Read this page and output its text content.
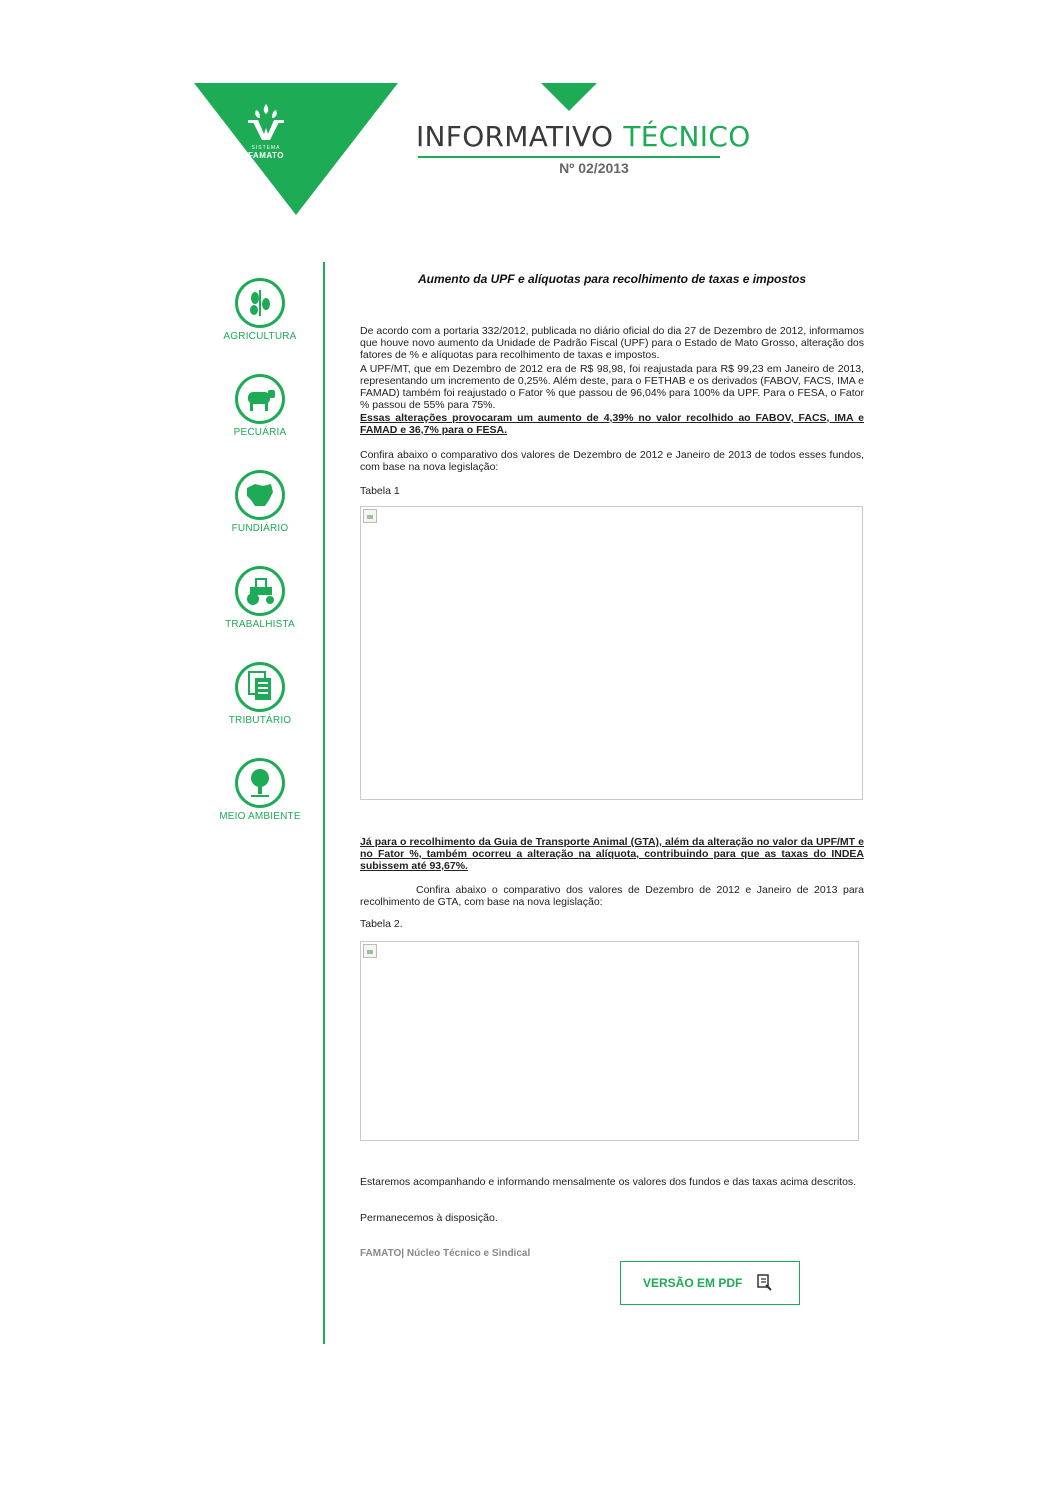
SISTEMA
FAMATO
INFORMATIVO TÉCNICO
Nº 02/2013
AGRICULTURA
PECUÁRIA
FUNDIÁRIO
TRABALHISTA
TRIBUTÁRIO
MEIO AMBIENTE
Aumento da UPF e alíquotas para recolhimento de taxas e impostos
De acordo com a portaria 332/2012, publicada no diário oficial do dia 27 de Dezembro de 2012, informamos que houve novo aumento da Unidade de Padrão Fiscal (UPF) para o Estado de Mato Grosso, alteração dos fatores de % e alíquotas para recolhimento de taxas e impostos.
A UPF/MT, que em Dezembro de 2012 era de R$ 98,98, foi reajustada para R$ 99,23 em Janeiro de 2013, representando um incremento de 0,25%. Além deste, para o FETHAB e os derivados (FABOV, FACS, IMA e FAMAD) também foi reajustado o Fator % que passou de 96,04% para 100% da UPF. Para o FESA, o Fator % passou de 55% para 75%.
Essas alterações provocaram um aumento de 4,39% no valor recolhido ao FABOV, FACS, IMA e FAMAD e 36,7% para o FESA.
Confira abaixo o comparativo dos valores de Dezembro de 2012 e Janeiro de 2013 de todos esses fundos, com base na nova legislação:
Tabela 1
Já para o recolhimento da Guia de Transporte Animal (GTA), além da alteração no valor da UPF/MT e no Fator %, também ocorreu a alteração na alíquota, contribuindo para que as taxas do INDEA subissem até 93,67%.
Confira abaixo o comparativo dos valores de Dezembro de 2012 e Janeiro de 2013 para recolhimento de GTA, com base na nova legislação:
Tabela 2.
Estaremos acompanhando e informando mensalmente os valores dos fundos e das taxas acima descritos.
Permanecemos à disposição.
FAMATO| Núcleo Técnico e Sindical
VERSÃO EM PDF
